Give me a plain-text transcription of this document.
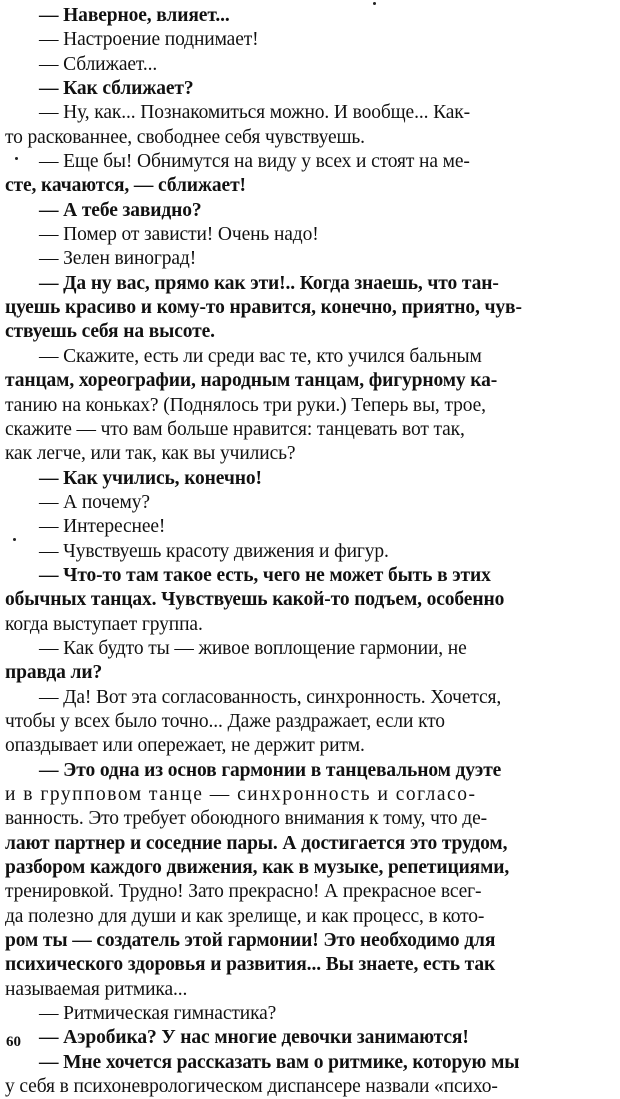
— Наверное, влияет...
— Настроение поднимает!
— Сближает...
— Как сближает?
— Ну, как... Познакомиться можно. И вообще... Как-
то раскованнее, свободнее себя чувствуешь.
— Еще бы! Обнимутся на виду у всех и стоят на ме-
сте, качаются, — сближает!
— А тебе завидно?
— Помер от зависти! Очень надо!
— Зелен виноград!
— Да ну вас, прямо как эти!.. Когда знаешь, что тан-
цуешь красиво и кому-то нравится, конечно, приятно, чув-
ствуешь себя на высоте.
— Скажите, есть ли среди вас те, кто учился бальным
танцам, хореографии, народным танцам, фигурному ка-
танию на коньках? (Поднялось три руки.) Теперь вы, трое,
скажите — что вам больше нравится: танцевать вот так,
как легче, или так, как вы учились?
— Как учились, конечно!
— А почему?
— Интереснее!
— Чувствуешь красоту движения и фигур.
— Что-то там такое есть, чего не может быть в этих
обычных танцах. Чувствуешь какой-то подъем, особенно
когда выступает группа.
— Как будто ты — живое воплощение гармонии, не
правда ли?
— Да! Вот эта согласованность, синхронность. Хочется,
чтобы у всех было точно... Даже раздражает, если кто
опаздывает или опережает, не держит ритм.
— Это одна из основ гармонии в танцевальном дуэте
и в групповом танце — синхронность и согласо-
ванность. Это требует обоюдного внимания к тому, что де-
лают партнер и соседние пары. А достигается это трудом,
разбором каждого движения, как в музыке, репетициями,
тренировкой. Трудно! Зато прекрасно! А прекрасное всег-
да полезно для души и как зрелище, и как процесс, в кото-
ром ты — создатель этой гармонии! Это необходимо для
психического здоровья и развития... Вы знаете, есть так
называемая ритмика...
— Ритмическая гимнастика?
— Аэробика? У нас многие девочки занимаются!
— Мне хочется рассказать вам о ритмике, которую мы
у себя в психоневрологическом диспансере назвали «психо-
60
